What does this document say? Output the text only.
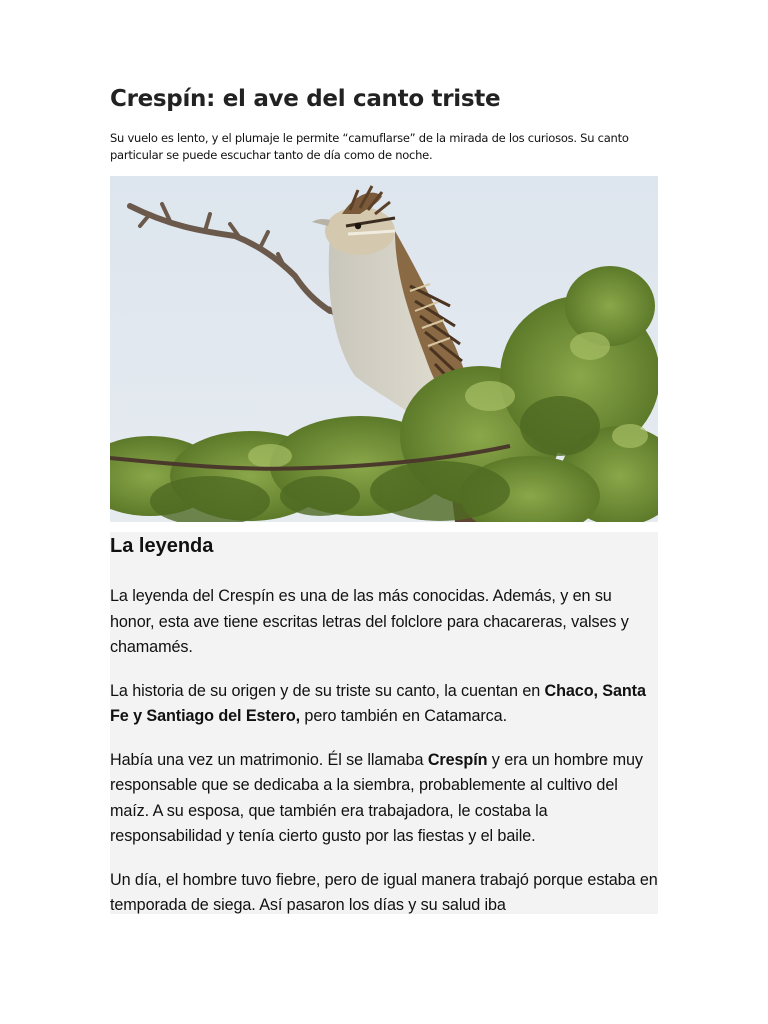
Crespín: el ave del canto triste

Su vuelo es lento, y el plumaje le permite “camuflarse” de la mirada de los curiosos. Su canto particular se puede escuchar tanto de día como de noche.

La leyenda

La leyenda del Crespín es una de las más conocidas. Además, y en su honor, esta ave tiene escritas letras del folclore para chacareras, valses y chamamés.

La historia de su origen y de su triste su canto, la cuentan en Chaco, Santa Fe y Santiago del Estero, pero también en Catamarca.

Había una vez un matrimonio. Él se llamaba Crespín y era un hombre muy responsable que se dedicaba a la siembra, probablemente al cultivo del maíz. A su esposa, que también era trabajadora, le costaba la responsabilidad y tenía cierto gusto por las fiestas y el baile.

Un día, el hombre tuvo fiebre, pero de igual manera trabajó porque estaba en temporada de siega. Así pasaron los días y su salud iba
